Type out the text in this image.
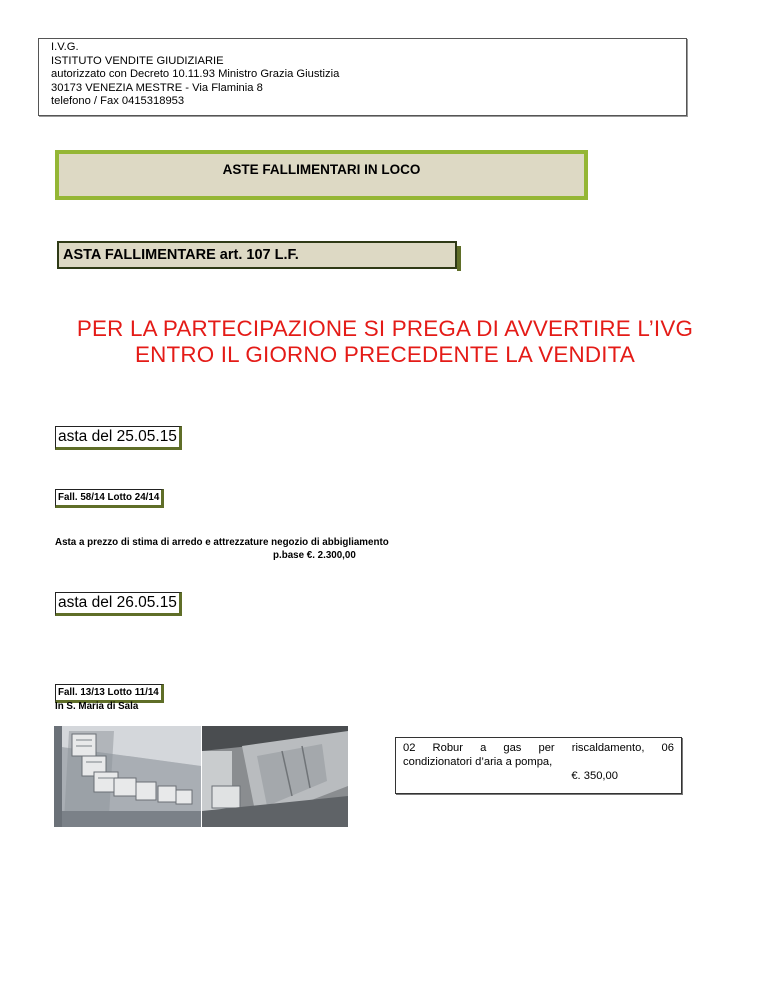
I.V.G.
ISTITUTO VENDITE GIUDIZIARIE
autorizzato con Decreto 10.11.93 Ministro Grazia Giustizia
30173 VENEZIA MESTRE - Via Flaminia 8
telefono / Fax 0415318953
ASTE FALLIMENTARI IN LOCO
ASTA FALLIMENTARE art. 107 L.F.
PER LA PARTECIPAZIONE SI PREGA DI AVVERTIRE L’IVG
ENTRO IL GIORNO PRECEDENTE LA VENDITA
asta del 25.05.15
Fall. 58/14 Lotto 24/14
Asta a prezzo di stima di arredo e attrezzature negozio di abbigliamento
p.base €. 2.300,00
asta del 26.05.15
Fall. 13/13 Lotto 11/14
In S. Maria di Sala
02 Robur a gas per riscaldamento, 06
condizionatori d’aria a pompa,
€. 350,00
